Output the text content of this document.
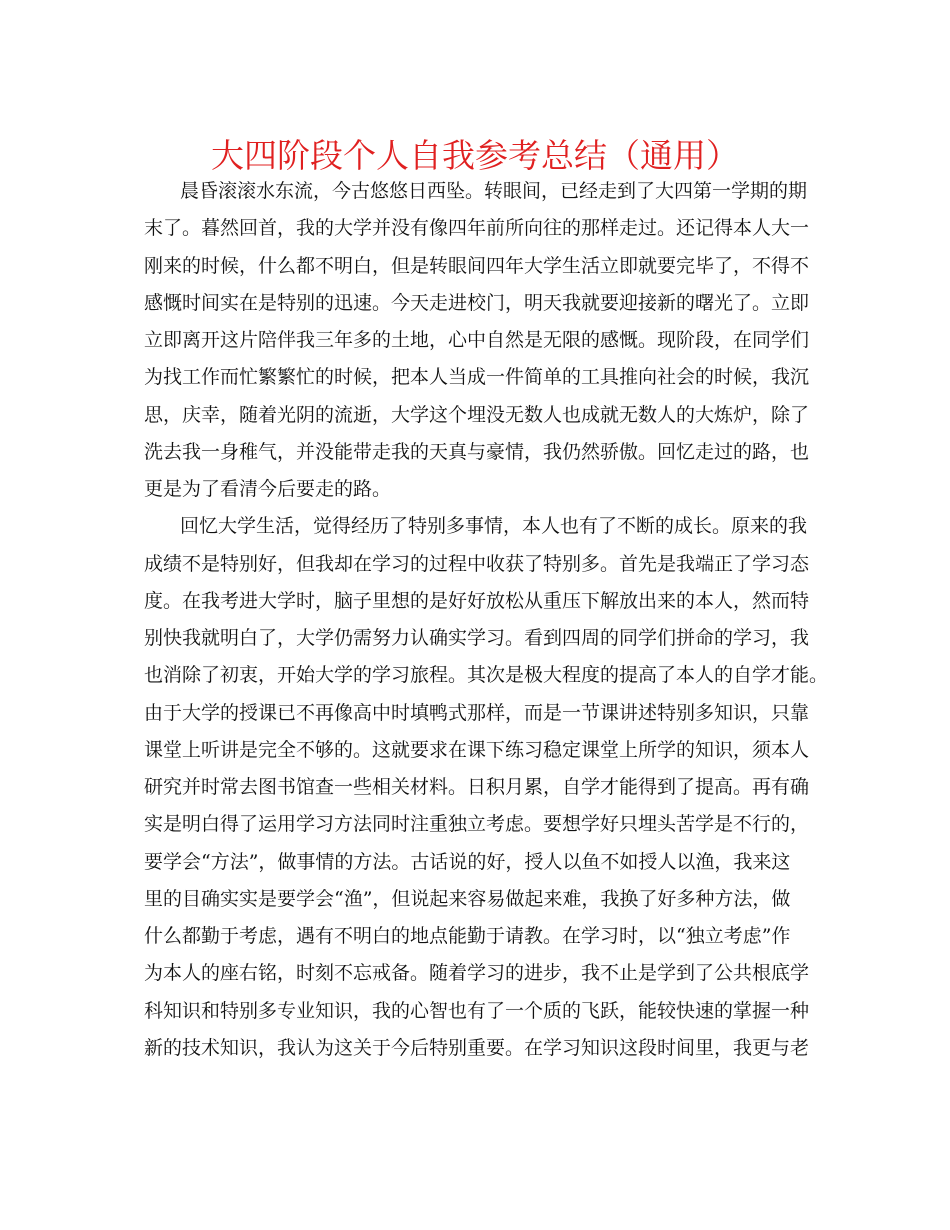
大四阶段个人自我参考总结（通用）
晨昏滚滚水东流，今古悠悠日西坠。转眼间，已经走到了大四第一学期的期
末了。暮然回首，我的大学并没有像四年前所向往的那样走过。还记得本人大一
刚来的时候，什么都不明白，但是转眼间四年大学生活立即就要完毕了，不得不
感慨时间实在是特别的迅速。今天走进校门，明天我就要迎接新的曙光了。立即
立即离开这片陪伴我三年多的土地，心中自然是无限的感慨。现阶段，在同学们
为找工作而忙繁繁忙的时候，把本人当成一件简单的工具推向社会的时候，我沉
思，庆幸，随着光阴的流逝，大学这个埋没无数人也成就无数人的大炼炉，除了
洗去我一身稚气，并没能带走我的天真与豪情，我仍然骄傲。回忆走过的路，也
更是为了看清今后要走的路。
回忆大学生活，觉得经历了特别多事情，本人也有了不断的成长。原来的我
成绩不是特别好，但我却在学习的过程中收获了特别多。首先是我端正了学习态
度。在我考进大学时，脑子里想的是好好放松从重压下解放出来的本人，然而特
别快我就明白了，大学仍需努力认确实学习。看到四周的同学们拼命的学习，我
也消除了初衷，开始大学的学习旅程。其次是极大程度的提高了本人的自学才能。
由于大学的授课已不再像高中时填鸭式那样，而是一节课讲述特别多知识，只靠
课堂上听讲是完全不够的。这就要求在课下练习稳定课堂上所学的知识，须本人
研究并时常去图书馆查一些相关材料。日积月累，自学才能得到了提高。再有确
实是明白得了运用学习方法同时注重独立考虑。要想学好只埋头苦学是不行的，
要学会“方法”，做事情的方法。古话说的好，授人以鱼不如授人以渔，我来这
里的目确实实是要学会“渔”，但说起来容易做起来难，我换了好多种方法，做
什么都勤于考虑，遇有不明白的地点能勤于请教。在学习时，以“独立考虑”作
为本人的座右铭，时刻不忘戒备。随着学习的进步，我不止是学到了公共根底学
科知识和特别多专业知识，我的心智也有了一个质的飞跃，能较快速的掌握一种
新的技术知识，我认为这关于今后特别重要。在学习知识这段时间里，我更与老
